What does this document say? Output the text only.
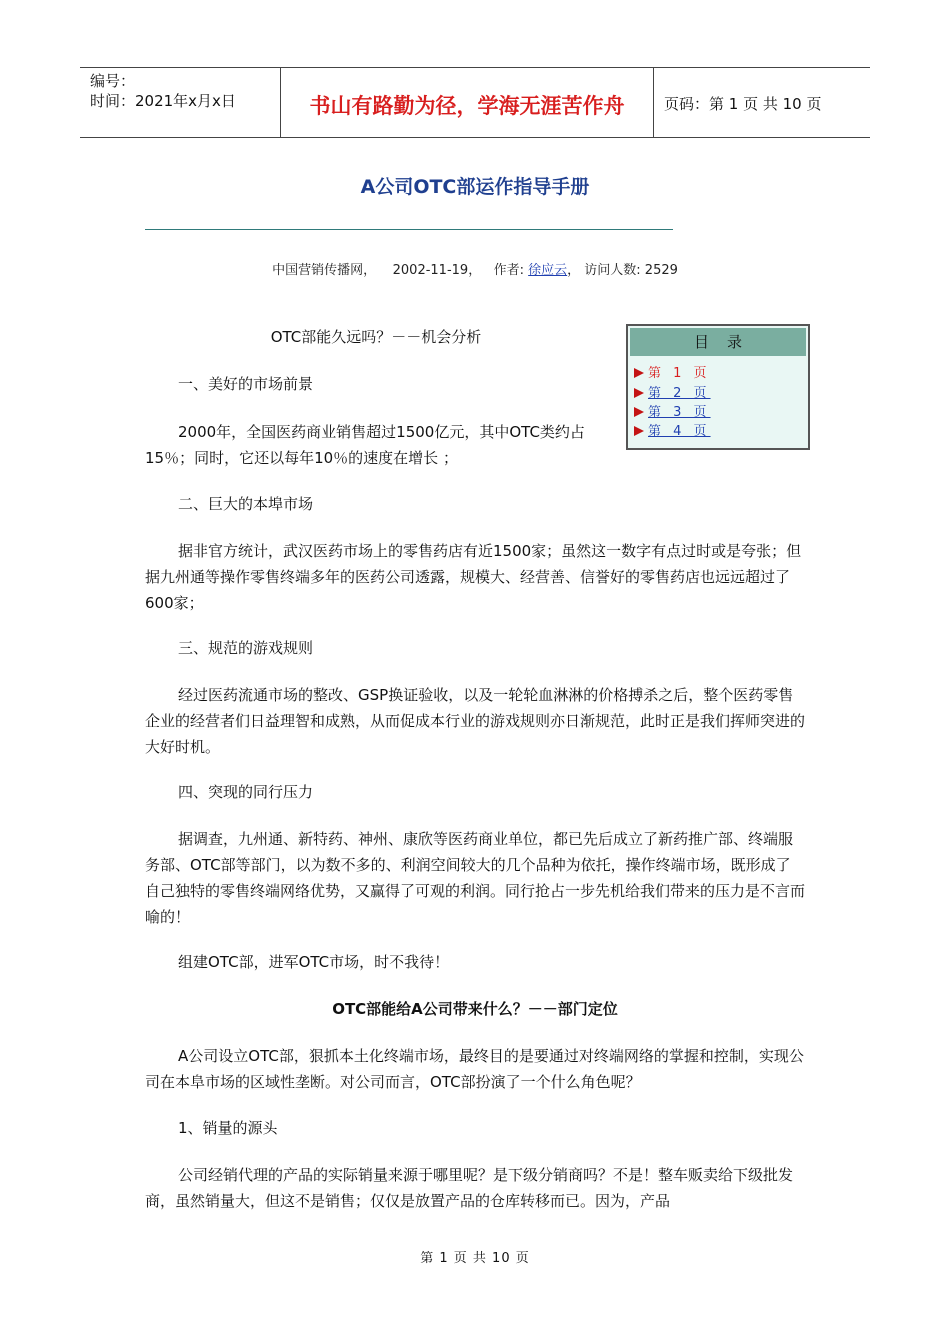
编号：
时间：2021年x月x日	书山有路勤为径，学海无涯苦作舟	页码：第 1 页 共 10 页
A公司OTC部运作指导手册
中国营销传播网， 2002-11-19， 作者: 徐应云， 访问人数: 2529
目录
第 1 页
第 2 页
第 3 页
第 4 页
OTC部能久远吗？－－机会分析
一、美好的市场前景
2000年，全国医药商业销售超过1500亿元，其中OTC类约占15％；同时，它还以每年10％的速度在增长 ；
二、巨大的本埠市场
据非官方统计，武汉医药市场上的零售药店有近1500家；虽然这一数字有点过时或是夸张；但据九州通等操作零售终端多年的医药公司透露，规模大、经营善、信誉好的零售药店也远远超过了600家；
三、规范的游戏规则
经过医药流通市场的整改、GSP换证验收，以及一轮轮血淋淋的价格搏杀之后，整个医药零售企业的经营者们日益理智和成熟，从而促成本行业的游戏规则亦日渐规范，此时正是我们挥师突进的大好时机。
四、突现的同行压力
据调查，九州通、新特药、神州、康欣等医药商业单位，都已先后成立了新药推广部、终端服务部、OTC部等部门，以为数不多的、利润空间较大的几个品种为依托，操作终端市场，既形成了自己独特的零售终端网络优势，又赢得了可观的利润。同行抢占一步先机给我们带来的压力是不言而喻的！
组建OTC部，进军OTC市场，时不我待！
OTC部能给A公司带来什么？－－部门定位
A公司设立OTC部，狠抓本土化终端市场，最终目的是要通过对终端网络的掌握和控制，实现公司在本阜市场的区域性垄断。对公司而言，OTC部扮演了一个什么角色呢？
1、销量的源头
公司经销代理的产品的实际销量来源于哪里呢？是下级分销商吗？不是！整车贩卖给下级批发商，虽然销量大，但这不是销售；仅仅是放置产品的仓库转移而已。因为，产品
第 1 页 共 10 页
